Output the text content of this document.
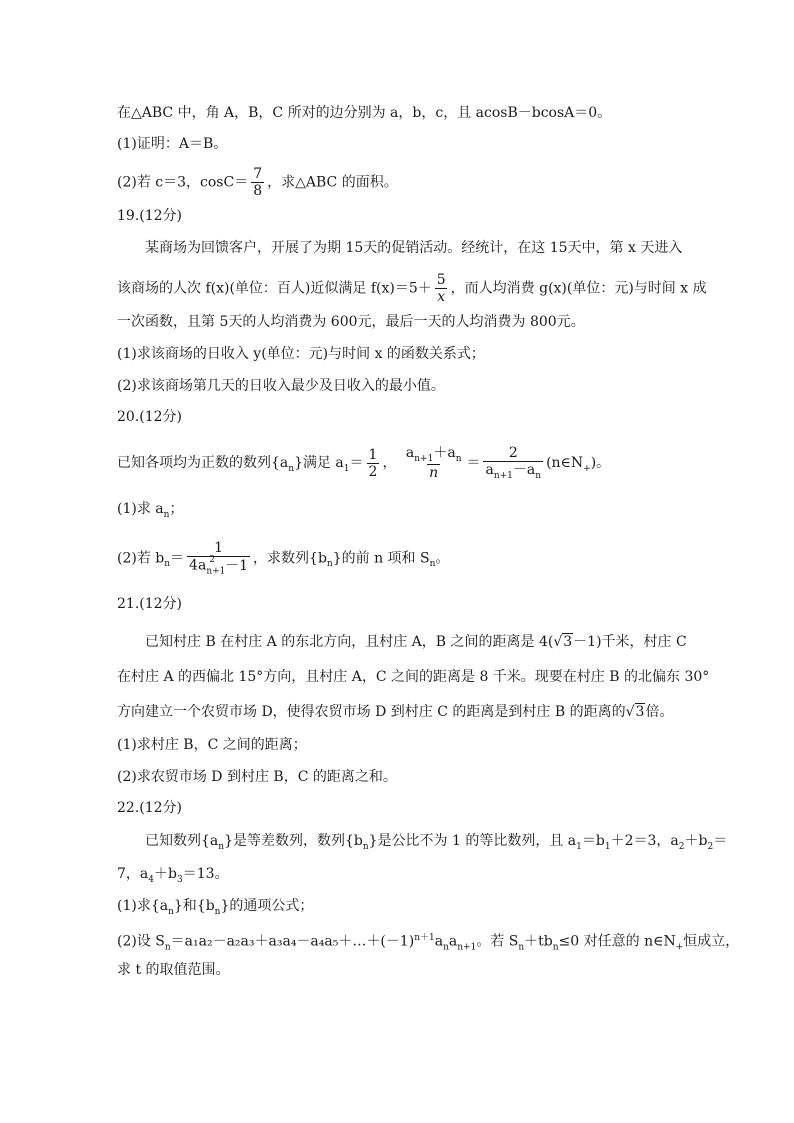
在△ABC 中，角 A，B，C 所对的边分别为 a，b，c，且 acosB－bcosA＝0。
(1)证明：A＝B。
(2)若 c＝3，$\cos C= \frac{7}{8}$ ，求△ABC 的面积。
19.(12分)
某商场为回馈客户，开展了为期 15天的促销活动。经统计，在这 15天中，第 x 天进入
该商场的人次 f(x)(单位：百人)近似满足 $f(x)=5+ \frac{5}{x}$ ，而人均消费 g(x)(单位：元)与时间 x 成
一次函数，且第 5天的人均消费为 600元，最后一天的人均消费为 800元。
(1)求该商场的日收入 y(单位：元)与时间 x 的函数关系式；
(2)求该商场第几天的日收入最少及日收入的最小值。
20.(12分)
已知各项均为正数的数列$\{a_n\}$满足 $a_1= \frac{1}{2}$ ， $\frac{a_{n+1}+a_n}{n} = \frac{2}{a_{n+1}-a_n}$ $(n\in N_+)$。
(1)求 $a_n$；
(2)若 $b_n= \frac{1}{4a_{n+1}^2 -1}$ ，求数列$\{b_n\}$的前 n 项和 $S_n$。
21.(12分)
已知村庄 B 在村庄 A 的东北方向，且村庄 A，B 之间的距离是 4(√3－1)千米，村庄 C
在村庄 A 的西偏北 15°方向，且村庄 A，C 之间的距离是 8 千米。现要在村庄 B 的北偏东 30°
方向建立一个农贸市场 D，使得农贸市场 D 到村庄 C 的距离是到村庄 B 的距离的√3倍。
(1)求村庄 B，C 之间的距离；
(2)求农贸市场 D 到村庄 B，C 的距离之和。
22.(12分)
已知数列$\{a_n\}$是等差数列，数列$\{b_n\}$是公比不为 1 的等比数列，且 $a_1=b_1+2=3$，$a_2+b_2=$
7，$a_4+b_3=13$。
(1)求$\{a_n\}$和$\{b_n\}$的通项公式；
(2)设 $S_n=a_1a_2-a_2a_3+a_3a_4-a_4a_5+\dots+(-1)^{n+1}a_na_{n+1}$。若 $S_n+tb_n\le 0$ 对任意的 $n\in N_+$恒成立，
求 t 的取值范围。
